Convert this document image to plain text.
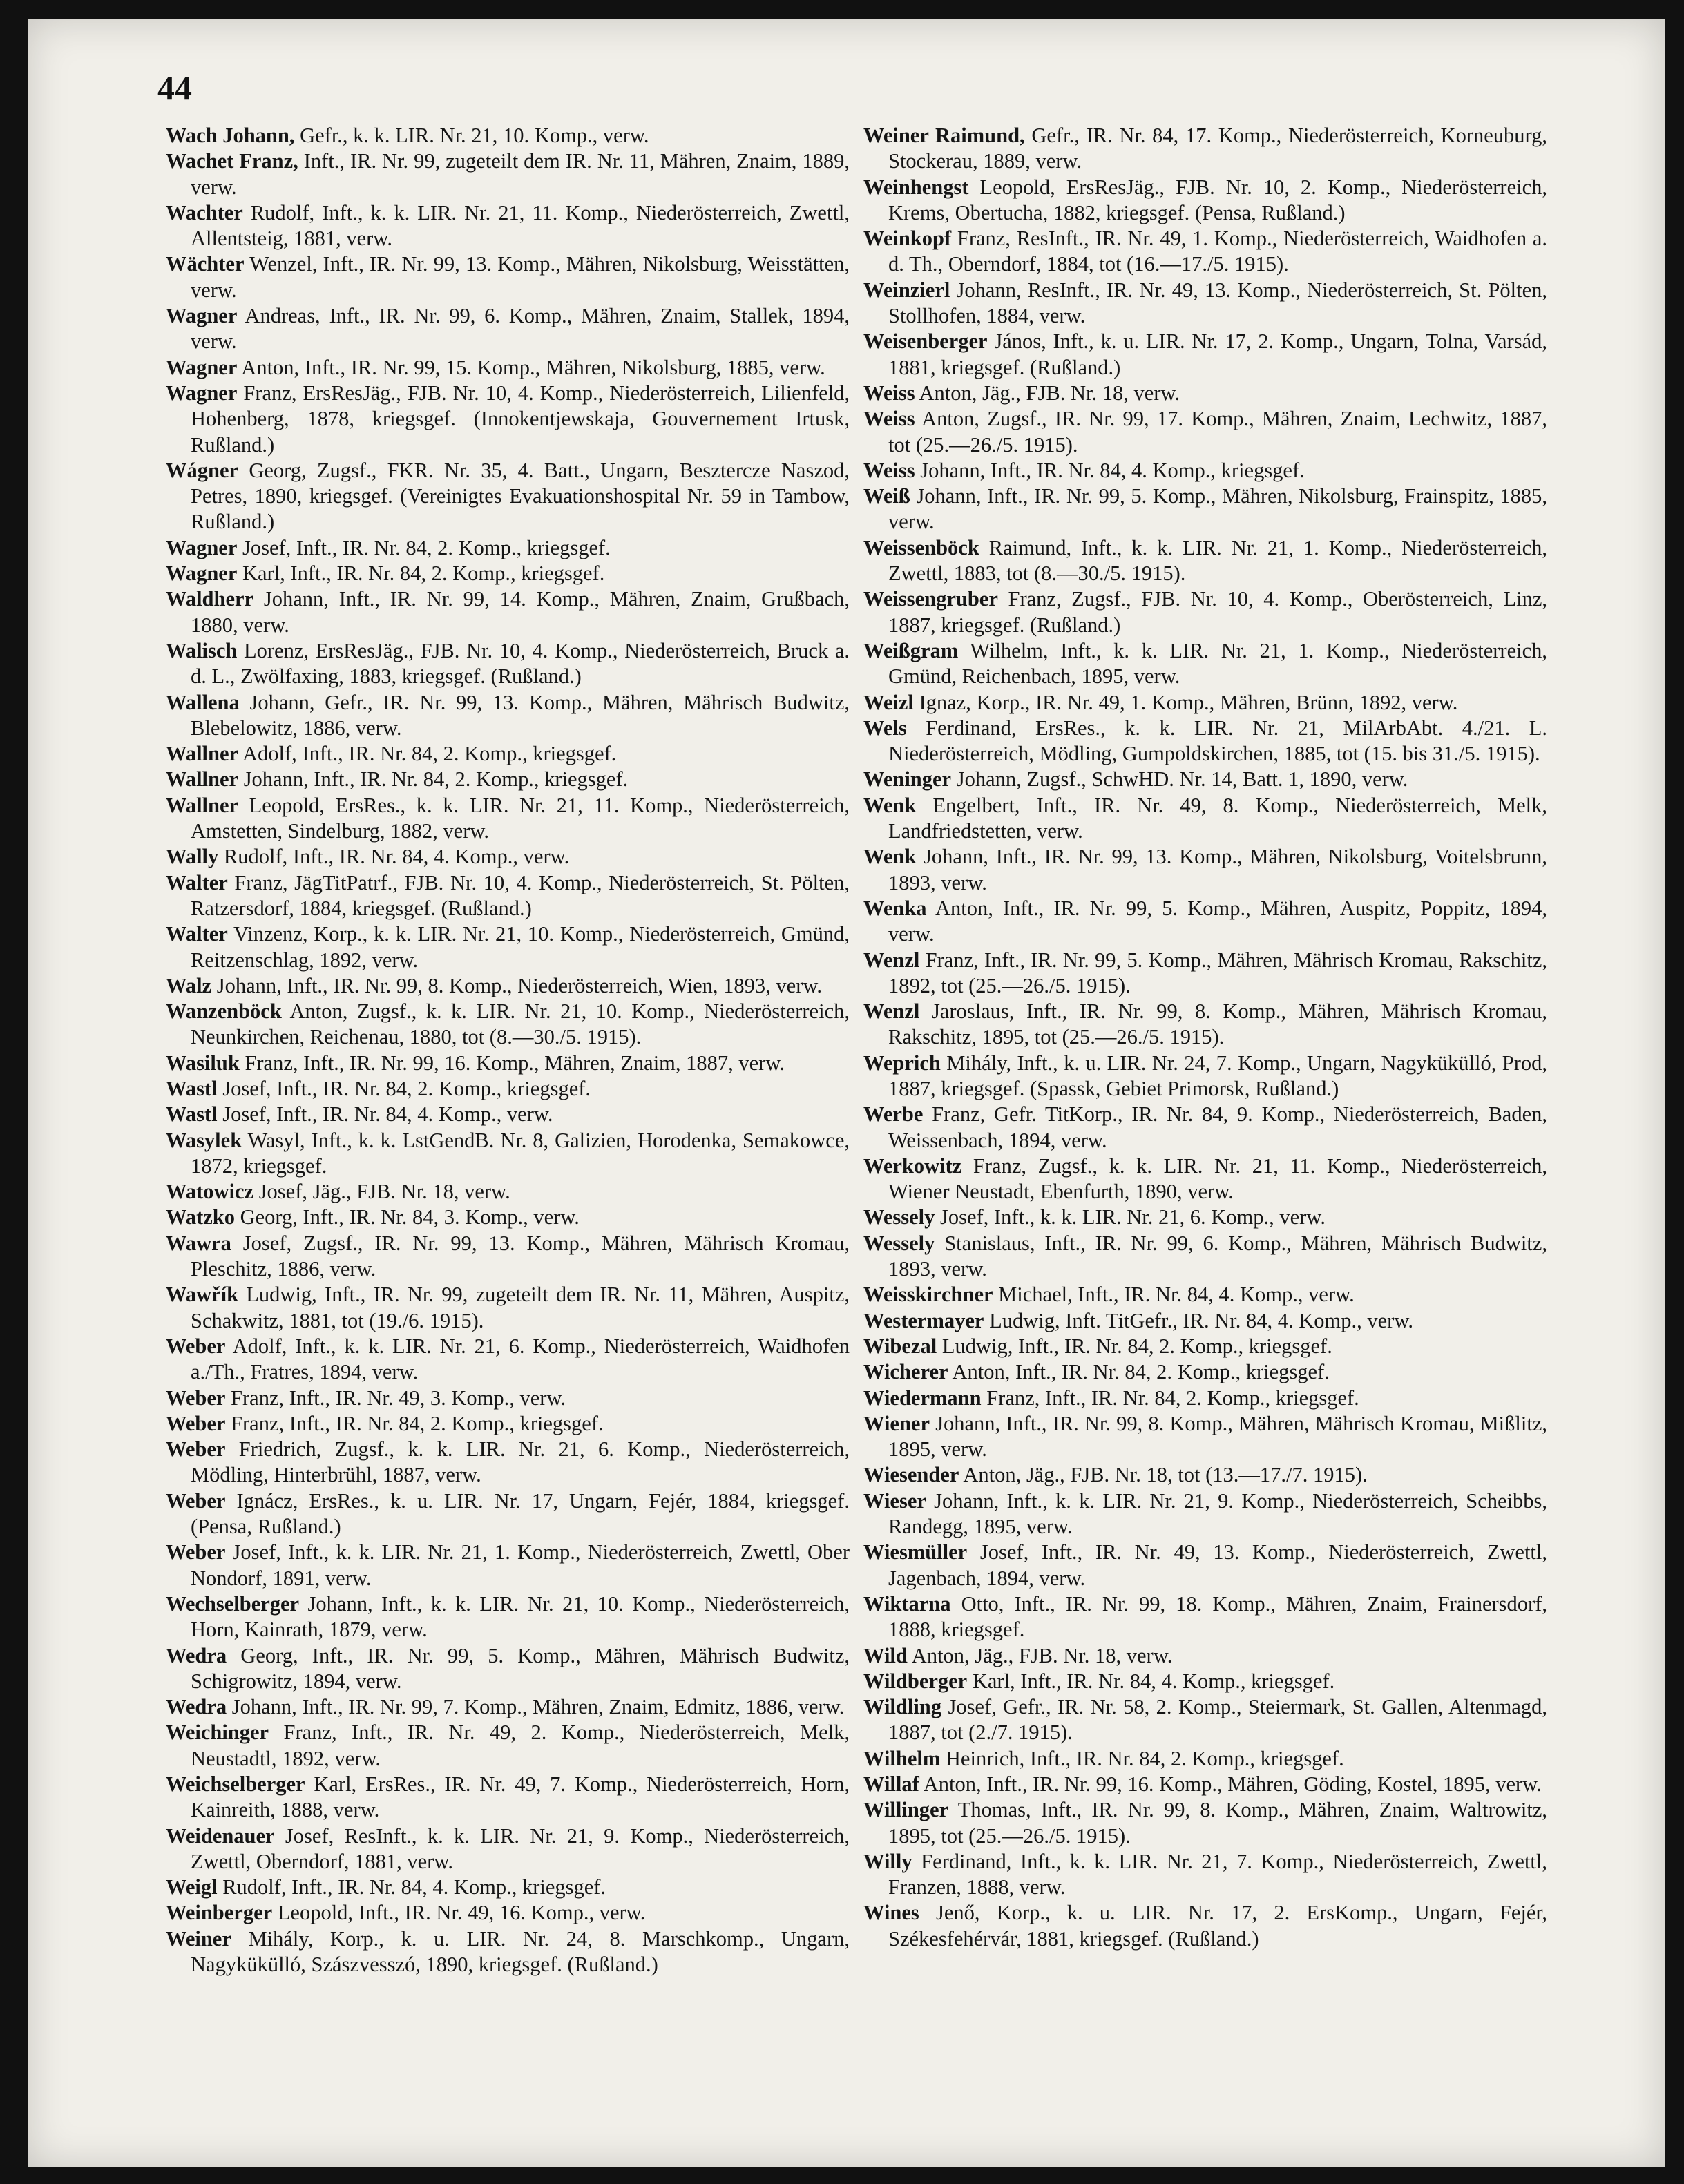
44

Wach Johann, Gefr., k. k. LIR. Nr. 21, 10. Komp., verw.

Wachet Franz, Inft., IR. Nr. 99, zugeteilt dem IR. Nr. 11, Mähren, Znaim, 1889, verw.

Wachter Rudolf, Inft., k. k. LIR. Nr. 21, 11. Komp., Niederösterreich, Zwettl, Allentsteig, 1881, verw.

Wächter Wenzel, Inft., IR. Nr. 99, 13. Komp., Mähren, Nikolsburg, Weisstätten, verw.

Wagner Andreas, Inft., IR. Nr. 99, 6. Komp., Mähren, Znaim, Stallek, 1894, verw.

Wagner Anton, Inft., IR. Nr. 99, 15. Komp., Mähren, Nikolsburg, 1885, verw.

Wagner Franz, ErsResJäg., FJB. Nr. 10, 4. Komp., Niederösterreich, Lilienfeld, Hohenberg, 1878, kriegsgef. (Innokentjewskaja, Gouvernement Irtusk, Rußland.)

Wágner Georg, Zugsf., FKR. Nr. 35, 4. Batt., Ungarn, Besztercze Naszod, Petres, 1890, kriegsgef. (Vereinigtes Evakuationshospital Nr. 59 in Tambow, Rußland.)

Wagner Josef, Inft., IR. Nr. 84, 2. Komp., kriegsgef.

Wagner Karl, Inft., IR. Nr. 84, 2. Komp., kriegsgef.

Waldherr Johann, Inft., IR. Nr. 99, 14. Komp., Mähren, Znaim, Grußbach, 1880, verw.

Walisch Lorenz, ErsResJäg., FJB. Nr. 10, 4. Komp., Niederösterreich, Bruck a. d. L., Zwölfaxing, 1883, kriegsgef. (Rußland.)

Wallena Johann, Gefr., IR. Nr. 99, 13. Komp., Mähren, Mährisch Budwitz, Blebelowitz, 1886, verw.

Wallner Adolf, Inft., IR. Nr. 84, 2. Komp., kriegsgef.

Wallner Johann, Inft., IR. Nr. 84, 2. Komp., kriegsgef.

Wallner Leopold, ErsRes., k. k. LIR. Nr. 21, 11. Komp., Niederösterreich, Amstetten, Sindelburg, 1882, verw.

Wally Rudolf, Inft., IR. Nr. 84, 4. Komp., verw.

Walter Franz, JägTitPatrf., FJB. Nr. 10, 4. Komp., Niederösterreich, St. Pölten, Ratzersdorf, 1884, kriegsgef. (Rußland.)

Walter Vinzenz, Korp., k. k. LIR. Nr. 21, 10. Komp., Niederösterreich, Gmünd, Reitzenschlag, 1892, verw.

Walz Johann, Inft., IR. Nr. 99, 8. Komp., Niederösterreich, Wien, 1893, verw.

Wanzenböck Anton, Zugsf., k. k. LIR. Nr. 21, 10. Komp., Niederösterreich, Neunkirchen, Reichenau, 1880, tot (8.—30./5. 1915).

Wasiluk Franz, Inft., IR. Nr. 99, 16. Komp., Mähren, Znaim, 1887, verw.

Wastl Josef, Inft., IR. Nr. 84, 2. Komp., kriegsgef.

Wastl Josef, Inft., IR. Nr. 84, 4. Komp., verw.

Wasylek Wasyl, Inft., k. k. LstGendB. Nr. 8, Galizien, Horodenka, Semakowce, 1872, kriegsgef.

Watowicz Josef, Jäg., FJB. Nr. 18, verw.

Watzko Georg, Inft., IR. Nr. 84, 3. Komp., verw.

Wawra Josef, Zugsf., IR. Nr. 99, 13. Komp., Mähren, Mährisch Kromau, Pleschitz, 1886, verw.

Wawřík Ludwig, Inft., IR. Nr. 99, zugeteilt dem IR. Nr. 11, Mähren, Auspitz, Schakwitz, 1881, tot (19./6. 1915).

Weber Adolf, Inft., k. k. LIR. Nr. 21, 6. Komp., Niederösterreich, Waidhofen a./Th., Fratres, 1894, verw.

Weber Franz, Inft., IR. Nr. 49, 3. Komp., verw.

Weber Franz, Inft., IR. Nr. 84, 2. Komp., kriegsgef.

Weber Friedrich, Zugsf., k. k. LIR. Nr. 21, 6. Komp., Niederösterreich, Mödling, Hinterbrühl, 1887, verw.

Weber Ignácz, ErsRes., k. u. LIR. Nr. 17, Ungarn, Fejér, 1884, kriegsgef. (Pensa, Rußland.)

Weber Josef, Inft., k. k. LIR. Nr. 21, 1. Komp., Niederösterreich, Zwettl, Ober Nondorf, 1891, verw.

Wechselberger Johann, Inft., k. k. LIR. Nr. 21, 10. Komp., Niederösterreich, Horn, Kainrath, 1879, verw.

Wedra Georg, Inft., IR. Nr. 99, 5. Komp., Mähren, Mährisch Budwitz, Schigrowitz, 1894, verw.

Wedra Johann, Inft., IR. Nr. 99, 7. Komp., Mähren, Znaim, Edmitz, 1886, verw.

Weichinger Franz, Inft., IR. Nr. 49, 2. Komp., Niederösterreich, Melk, Neustadtl, 1892, verw.

Weichselberger Karl, ErsRes., IR. Nr. 49, 7. Komp., Niederösterreich, Horn, Kainreith, 1888, verw.

Weidenauer Josef, ResInft., k. k. LIR. Nr. 21, 9. Komp., Niederösterreich, Zwettl, Oberndorf, 1881, verw.

Weigl Rudolf, Inft., IR. Nr. 84, 4. Komp., kriegsgef.

Weinberger Leopold, Inft., IR. Nr. 49, 16. Komp., verw.

Weiner Mihály, Korp., k. u. LIR. Nr. 24, 8. Marschkomp., Ungarn, Nagykükülló, Szászvesszó, 1890, kriegsgef. (Rußland.)

Weiner Raimund, Gefr., IR. Nr. 84, 17. Komp., Niederösterreich, Korneuburg, Stockerau, 1889, verw.

Weinhengst Leopold, ErsResJäg., FJB. Nr. 10, 2. Komp., Niederösterreich, Krems, Obertucha, 1882, kriegsgef. (Pensa, Rußland.)

Weinkopf Franz, ResInft., IR. Nr. 49, 1. Komp., Niederösterreich, Waidhofen a. d. Th., Oberndorf, 1884, tot (16.—17./5. 1915).

Weinzierl Johann, ResInft., IR. Nr. 49, 13. Komp., Niederösterreich, St. Pölten, Stollhofen, 1884, verw.

Weisenberger János, Inft., k. u. LIR. Nr. 17, 2. Komp., Ungarn, Tolna, Varsád, 1881, kriegsgef. (Rußland.)

Weiss Anton, Jäg., FJB. Nr. 18, verw.

Weiss Anton, Zugsf., IR. Nr. 99, 17. Komp., Mähren, Znaim, Lechwitz, 1887, tot (25.—26./5. 1915).

Weiss Johann, Inft., IR. Nr. 84, 4. Komp., kriegsgef.

Weiß Johann, Inft., IR. Nr. 99, 5. Komp., Mähren, Nikolsburg, Frainspitz, 1885, verw.

Weissenböck Raimund, Inft., k. k. LIR. Nr. 21, 1. Komp., Niederösterreich, Zwettl, 1883, tot (8.—30./5. 1915).

Weissengruber Franz, Zugsf., FJB. Nr. 10, 4. Komp., Oberösterreich, Linz, 1887, kriegsgef. (Rußland.)

Weißgram Wilhelm, Inft., k. k. LIR. Nr. 21, 1. Komp., Niederösterreich, Gmünd, Reichenbach, 1895, verw.

Weizl Ignaz, Korp., IR. Nr. 49, 1. Komp., Mähren, Brünn, 1892, verw.

Wels Ferdinand, ErsRes., k. k. LIR. Nr. 21, MilArbAbt. 4./21. L. Niederösterreich, Mödling, Gumpoldskirchen, 1885, tot (15. bis 31./5. 1915).

Weninger Johann, Zugsf., SchwHD. Nr. 14, Batt. 1, 1890, verw.

Wenk Engelbert, Inft., IR. Nr. 49, 8. Komp., Niederösterreich, Melk, Landfriedstetten, verw.

Wenk Johann, Inft., IR. Nr. 99, 13. Komp., Mähren, Nikolsburg, Voitelsbrunn, 1893, verw.

Wenka Anton, Inft., IR. Nr. 99, 5. Komp., Mähren, Auspitz, Poppitz, 1894, verw.

Wenzl Franz, Inft., IR. Nr. 99, 5. Komp., Mähren, Mährisch Kromau, Rakschitz, 1892, tot (25.—26./5. 1915).

Wenzl Jaroslaus, Inft., IR. Nr. 99, 8. Komp., Mähren, Mährisch Kromau, Rakschitz, 1895, tot (25.—26./5. 1915).

Weprich Mihály, Inft., k. u. LIR. Nr. 24, 7. Komp., Ungarn, Nagykükülló, Prod, 1887, kriegsgef. (Spassk, Gebiet Primorsk, Rußland.)

Werbe Franz, Gefr. TitKorp., IR. Nr. 84, 9. Komp., Niederösterreich, Baden, Weissenbach, 1894, verw.

Werkowitz Franz, Zugsf., k. k. LIR. Nr. 21, 11. Komp., Niederösterreich, Wiener Neustadt, Ebenfurth, 1890, verw.

Wessely Josef, Inft., k. k. LIR. Nr. 21, 6. Komp., verw.

Wessely Stanislaus, Inft., IR. Nr. 99, 6. Komp., Mähren, Mährisch Budwitz, 1893, verw.

Weisskirchner Michael, Inft., IR. Nr. 84, 4. Komp., verw.

Westermayer Ludwig, Inft. TitGefr., IR. Nr. 84, 4. Komp., verw.

Wibezal Ludwig, Inft., IR. Nr. 84, 2. Komp., kriegsgef.

Wicherer Anton, Inft., IR. Nr. 84, 2. Komp., kriegsgef.

Wiedermann Franz, Inft., IR. Nr. 84, 2. Komp., kriegsgef.

Wiener Johann, Inft., IR. Nr. 99, 8. Komp., Mähren, Mährisch Kromau, Mißlitz, 1895, verw.

Wiesender Anton, Jäg., FJB. Nr. 18, tot (13.—17./7. 1915).

Wieser Johann, Inft., k. k. LIR. Nr. 21, 9. Komp., Niederösterreich, Scheibbs, Randegg, 1895, verw.

Wiesmüller Josef, Inft., IR. Nr. 49, 13. Komp., Niederösterreich, Zwettl, Jagenbach, 1894, verw.

Wiktarna Otto, Inft., IR. Nr. 99, 18. Komp., Mähren, Znaim, Frainersdorf, 1888, kriegsgef.

Wild Anton, Jäg., FJB. Nr. 18, verw.

Wildberger Karl, Inft., IR. Nr. 84, 4. Komp., kriegsgef.

Wildling Josef, Gefr., IR. Nr. 58, 2. Komp., Steiermark, St. Gallen, Altenmagd, 1887, tot (2./7. 1915).

Wilhelm Heinrich, Inft., IR. Nr. 84, 2. Komp., kriegsgef.

Willaf Anton, Inft., IR. Nr. 99, 16. Komp., Mähren, Göding, Kostel, 1895, verw.

Willinger Thomas, Inft., IR. Nr. 99, 8. Komp., Mähren, Znaim, Waltrowitz, 1895, tot (25.—26./5. 1915).

Willy Ferdinand, Inft., k. k. LIR. Nr. 21, 7. Komp., Niederösterreich, Zwettl, Franzen, 1888, verw.

Wines Jenő, Korp., k. u. LIR. Nr. 17, 2. ErsKomp., Ungarn, Fejér, Székesfehérvár, 1881, kriegsgef. (Rußland.)
